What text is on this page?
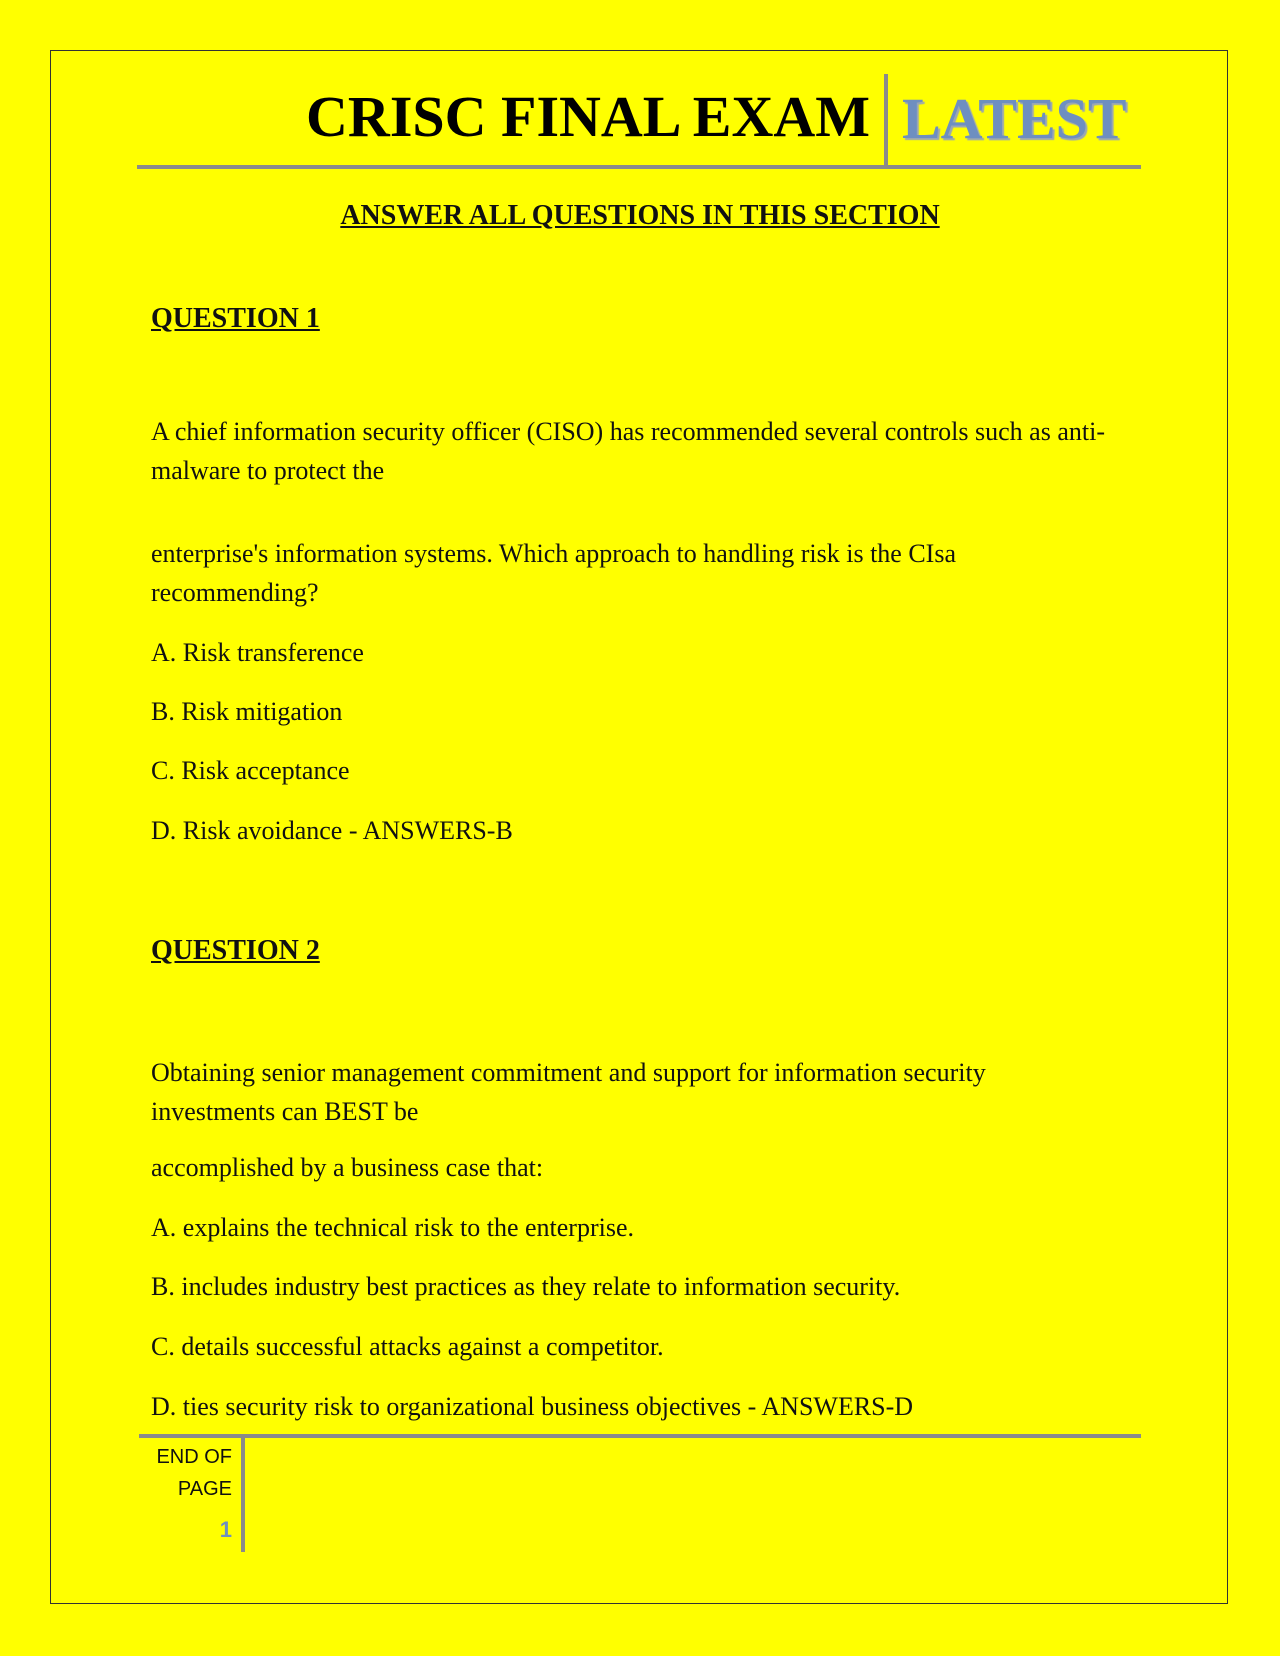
CRISC FINAL EXAM LATEST
ANSWER ALL QUESTIONS IN THIS SECTION
QUESTION 1
A chief information security officer (CISO) has recommended several controls such as anti-malware to protect the
enterprise's information systems. Which approach to handling risk is the CIsa recommending?
A. Risk transference
B. Risk mitigation
C. Risk acceptance
D. Risk avoidance - ANSWERS-B
QUESTION 2
Obtaining senior management commitment and support for information security investments can BEST be
accomplished by a business case that:
A. explains the technical risk to the enterprise.
B. includes industry best practices as they relate to information security.
C. details successful attacks against a competitor.
D. ties security risk to organizational business objectives - ANSWERS-D
END OF
PAGE
1
